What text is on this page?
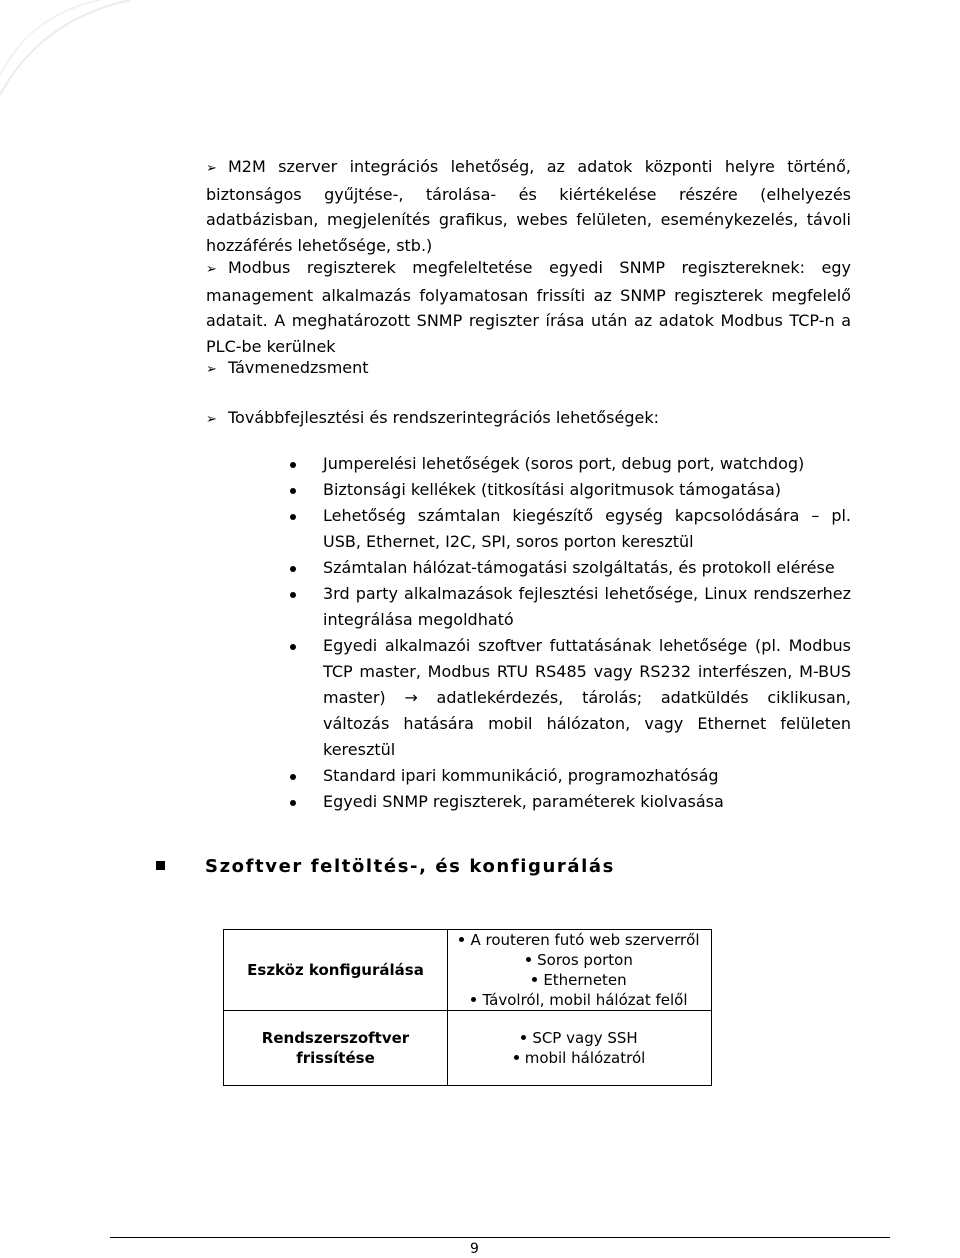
➢ M2M szerver integrációs lehetőség, az adatok központi helyre történő, biztonságos gyűjtése-, tárolása- és kiértékelése részére (elhelyezés adatbázisban, megjelenítés grafikus, webes felületen, eseménykezelés, távoli hozzáférés lehetősége, stb.)
➢ Modbus regiszterek megfeleltetése egyedi SNMP regisztereknek: egy management alkalmazás folyamatosan frissíti az SNMP regiszterek megfelelő adatait. A meghatározott SNMP regiszter írása után az adatok Modbus TCP-n a PLC-be kerülnek
➢ Távmenedzsment
➢ Továbbfejlesztési és rendszerintegrációs lehetőségek:
Jumperelési lehetőségek (soros port, debug port, watchdog)
Biztonsági kellékek (titkosítási algoritmusok támogatása)
Lehetőség számtalan kiegészítő egység kapcsolódására – pl. USB, Ethernet, I2C, SPI, soros porton keresztül
Számtalan hálózat-támogatási szolgáltatás, és protokoll elérése
3rd party alkalmazások fejlesztési lehetősége, Linux rendszerhez integrálása megoldható
Egyedi alkalmazói szoftver futtatásának lehetősége (pl. Modbus TCP master, Modbus RTU RS485 vagy RS232 interfészen, M-BUS master) → adatlekérdezés, tárolás; adatküldés ciklikusan, változás hatására mobil hálózaton, vagy Ethernet felületen keresztül
Standard ipari kommunikáció, programozhatóság
Egyedi SNMP regiszterek, paraméterek kiolvasása
Szoftver feltöltés-, és konfigurálás
Eszköz konfigurálása	A routeren futó web szerverről
Soros porton
Etherneten
Távolról, mobil hálózat felől

Rendszerszoftver
frissítése	SCP vagy SSH
mobil hálózatról
9
